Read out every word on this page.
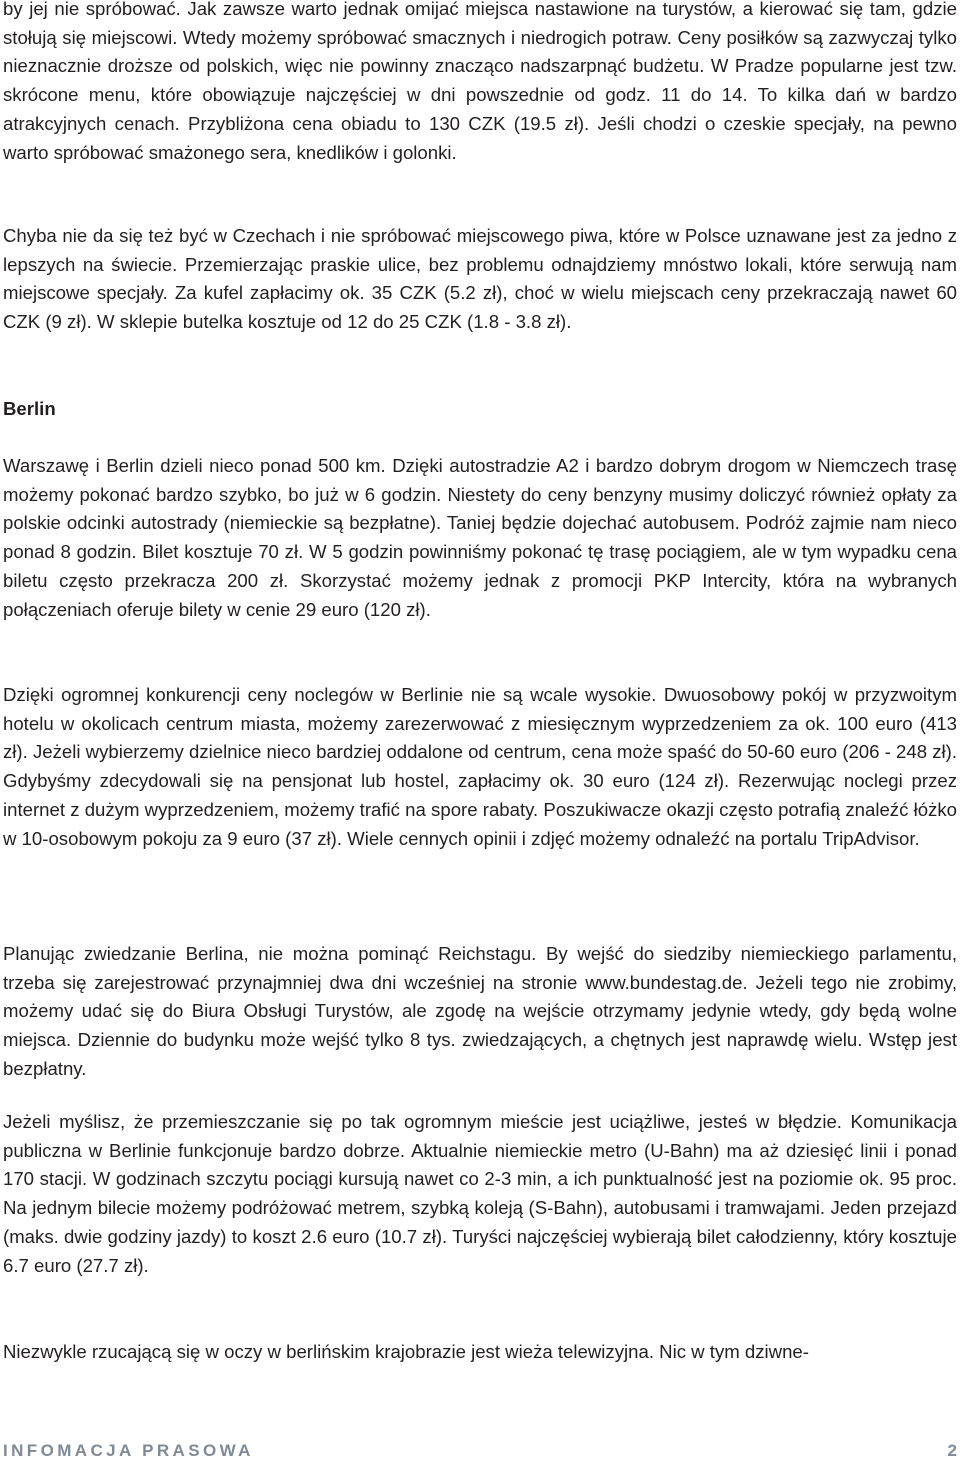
by jej nie spróbować. Jak zawsze warto jednak omijać miejsca nastawione na turystów, a kierować się tam, gdzie stołują się miejscowi. Wtedy możemy spróbować smacznych i niedrogich potraw. Ceny posiłków są zazwyczaj tylko nieznacznie droższe od polskich, więc nie powinny znacząco nadszarpnąć budżetu. W Pradze popularne jest tzw. skrócone menu, które obowiązuje najczęściej w dni powszednie od godz. 11 do 14. To kilka dań w bardzo atrakcyjnych cenach. Przybliżona cena obiadu to 130 CZK (19.5 zł). Jeśli chodzi o czeskie specjały, na pewno warto spróbować smażonego sera, knedlików i golonki.

Chyba nie da się też być w Czechach i nie spróbować miejscowego piwa, które w Polsce uznawane jest za jedno z lepszych na świecie. Przemierzając praskie ulice, bez problemu odnajdziemy mnóstwo lokali, które serwują nam miejscowe specjały. Za kufel zapłacimy ok. 35 CZK (5.2 zł), choć w wielu miejscach ceny przekraczają nawet 60 CZK (9 zł). W sklepie butelka kosztuje od 12 do 25 CZK (1.8 - 3.8 zł).

Berlin

Warszawę i Berlin dzieli nieco ponad 500 km. Dzięki autostradzie A2 i bardzo dobrym drogom w Niemczech trasę możemy pokonać bardzo szybko, bo już w 6 godzin. Niestety do ceny benzyny musimy doliczyć również opłaty za polskie odcinki autostrady (niemieckie są bezpłatne). Taniej będzie dojechać autobusem. Podróż zajmie nam nieco ponad 8 godzin. Bilet kosztuje 70 zł. W 5 godzin powinniśmy pokonać tę trasę pociągiem, ale w tym wypadku cena biletu często przekracza 200 zł. Skorzystać możemy jednak z promocji PKP Intercity, która na wybranych połączeniach oferuje bilety w cenie 29 euro (120 zł).

Dzięki ogromnej konkurencji ceny noclegów w Berlinie nie są wcale wysokie. Dwuosobowy pokój w przyzwoitym hotelu w okolicach centrum miasta, możemy zarezerwować z miesięcznym wyprzedzeniem za ok. 100 euro (413 zł). Jeżeli wybierzemy dzielnice nieco bardziej oddalone od centrum, cena może spaść do 50-60 euro (206 - 248 zł). Gdybyśmy zdecydowali się na pensjonat lub hostel, zapłacimy ok. 30 euro (124 zł). Rezerwując noclegi przez internet z dużym wyprzedzeniem, możemy trafić na spore rabaty. Poszukiwacze okazji często potrafią znaleźć łóżko w 10-osobowym pokoju za 9 euro (37 zł). Wiele cennych opinii i zdjęć możemy odnaleźć na portalu TripAdvisor.

Planując zwiedzanie Berlina, nie można pominąć Reichstagu. By wejść do siedziby niemieckiego parlamentu, trzeba się zarejestrować przynajmniej dwa dni wcześniej na stronie www.bundestag.de. Jeżeli tego nie zrobimy, możemy udać się do Biura Obsługi Turystów, ale zgodę na wejście otrzymamy jedynie wtedy, gdy będą wolne miejsca. Dziennie do budynku może wejść tylko 8 tys. zwiedzających, a chętnych jest naprawdę wielu. Wstęp jest bezpłatny.

Jeżeli myślisz, że przemieszczanie się po tak ogromnym mieście jest uciążliwe, jesteś w błędzie. Komunikacja publiczna w Berlinie funkcjonuje bardzo dobrze. Aktualnie niemieckie metro (U-Bahn) ma aż dziesięć linii i ponad 170 stacji. W godzinach szczytu pociągi kursują nawet co 2-3 min, a ich punktualność jest na poziomie ok. 95 proc. Na jednym bilecie możemy podróżować metrem, szybką koleją (S-Bahn), autobusami i tramwajami. Jeden przejazd (maks. dwie godziny jazdy) to koszt 2.6 euro (10.7 zł). Turyści najczęściej wybierają bilet całodzienny, który kosztuje 6.7 euro (27.7 zł).

Niezwykle rzucającą się w oczy w berlińskim krajobrazie jest wieża telewizyjna. Nic w tym dziwne-

INFOMACJA PRASOWA	2
